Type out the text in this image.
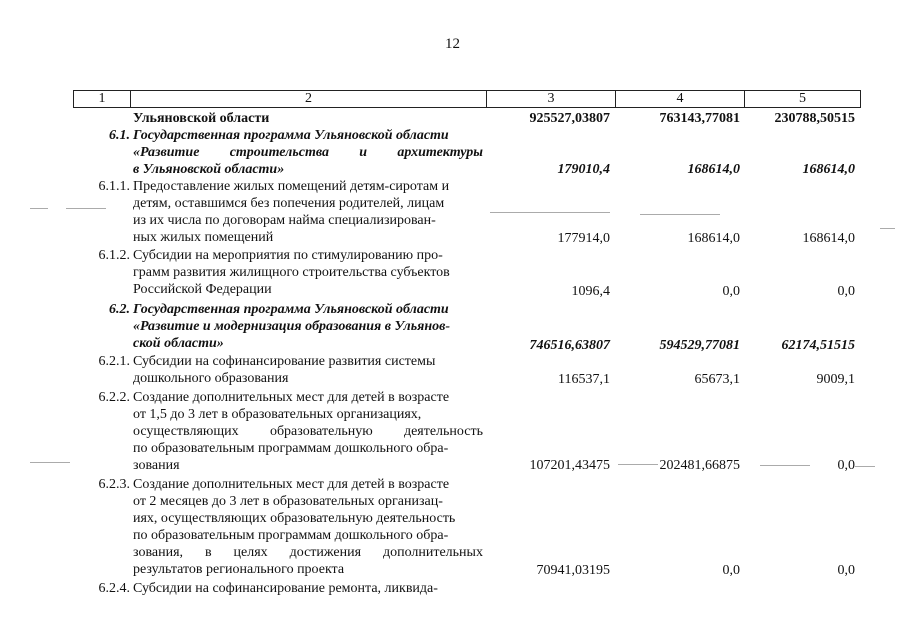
12
1	2	3	4	5
Ульяновской области	925527,03807	763143,77081	230788,50515
6.1. Государственная программа Ульяновской области
«Развитие строительства и архитектуры
в Ульяновской области»	179010,4	168614,0	168614,0
6.1.1. Предоставление жилых помещений детям-сиротам и
детям, оставшимся без попечения родителей, лицам
из их числа по договорам найма специализирован-
ных жилых помещений	177914,0	168614,0	168614,0
6.1.2. Субсидии на мероприятия по стимулированию про-
грамм развития жилищного строительства субъектов
Российской Федерации	1096,4	0,0	0,0
6.2. Государственная программа Ульяновской области
«Развитие и модернизация образования в Ульянов-
ской области»	746516,63807	594529,77081	62174,51515
6.2.1. Субсидии на софинансирование развития системы
дошкольного образования	116537,1	65673,1	9009,1
6.2.2. Создание дополнительных мест для детей в возрасте
от 1,5 до 3 лет в образовательных организациях,
осуществляющих образовательную деятельность
по образовательным программам дошкольного обра-
зования	107201,43475	202481,66875	0,0
6.2.3. Создание дополнительных мест для детей в возрасте
от 2 месяцев до 3 лет в образовательных организац-
иях, осуществляющих образовательную деятельность
по образовательным программам дошкольного обра-
зования, в целях достижения дополнительных
результатов регионального проекта	70941,03195	0,0	0,0
6.2.4. Субсидии на софинансирование ремонта, ликвида-
